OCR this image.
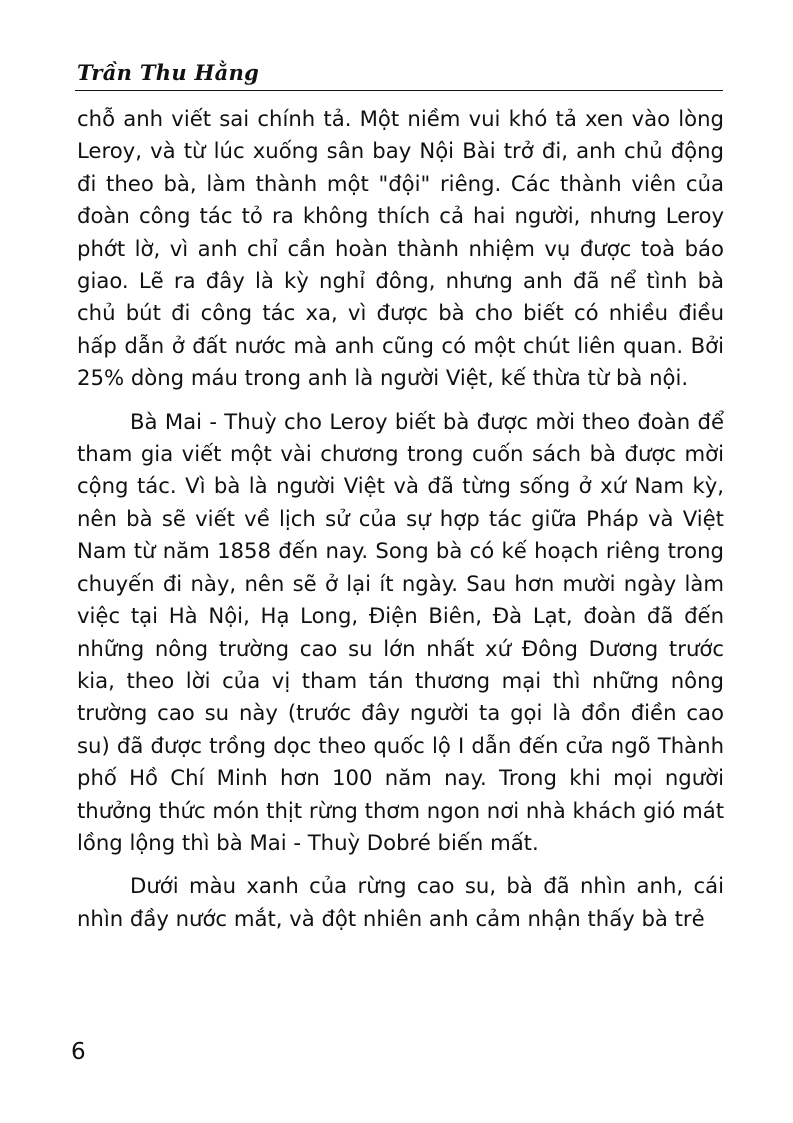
Trần Thu Hằng

chỗ anh viết sai chính tả. Một niềm vui khó tả xen vào lòng Leroy, và từ lúc xuống sân bay Nội Bài trở đi, anh chủ động đi theo bà, làm thành một "đội" riêng. Các thành viên của đoàn công tác tỏ ra không thích cả hai người, nhưng Leroy phớt lờ, vì anh chỉ cần hoàn thành nhiệm vụ được toà báo giao. Lẽ ra đây là kỳ nghỉ đông, nhưng anh đã nể tình bà chủ bút đi công tác xa, vì được bà cho biết có nhiều điều hấp dẫn ở đất nước mà anh cũng có một chút liên quan. Bởi 25% dòng máu trong anh là người Việt, kế thừa từ bà nội.

Bà Mai - Thuỳ cho Leroy biết bà được mời theo đoàn để tham gia viết một vài chương trong cuốn sách bà được mời cộng tác. Vì bà là người Việt và đã từng sống ở xứ Nam kỳ, nên bà sẽ viết về lịch sử của sự hợp tác giữa Pháp và Việt Nam từ năm 1858 đến nay. Song bà có kế hoạch riêng trong chuyến đi này, nên sẽ ở lại ít ngày. Sau hơn mười ngày làm việc tại Hà Nội, Hạ Long, Điện Biên, Đà Lạt, đoàn đã đến những nông trường cao su lớn nhất xứ Đông Dương trước kia, theo lời của vị tham tán thương mại thì những nông trường cao su này (trước đây người ta gọi là đồn điền cao su) đã được trồng dọc theo quốc lộ I dẫn đến cửa ngõ Thành phố Hồ Chí Minh hơn 100 năm nay. Trong khi mọi người thưởng thức món thịt rừng thơm ngon nơi nhà khách gió mát lồng lộng thì bà Mai - Thuỳ Dobré biến mất.

Dưới màu xanh của rừng cao su, bà đã nhìn anh, cái nhìn đầy nước mắt, và đột nhiên anh cảm nhận thấy bà trẻ

6
